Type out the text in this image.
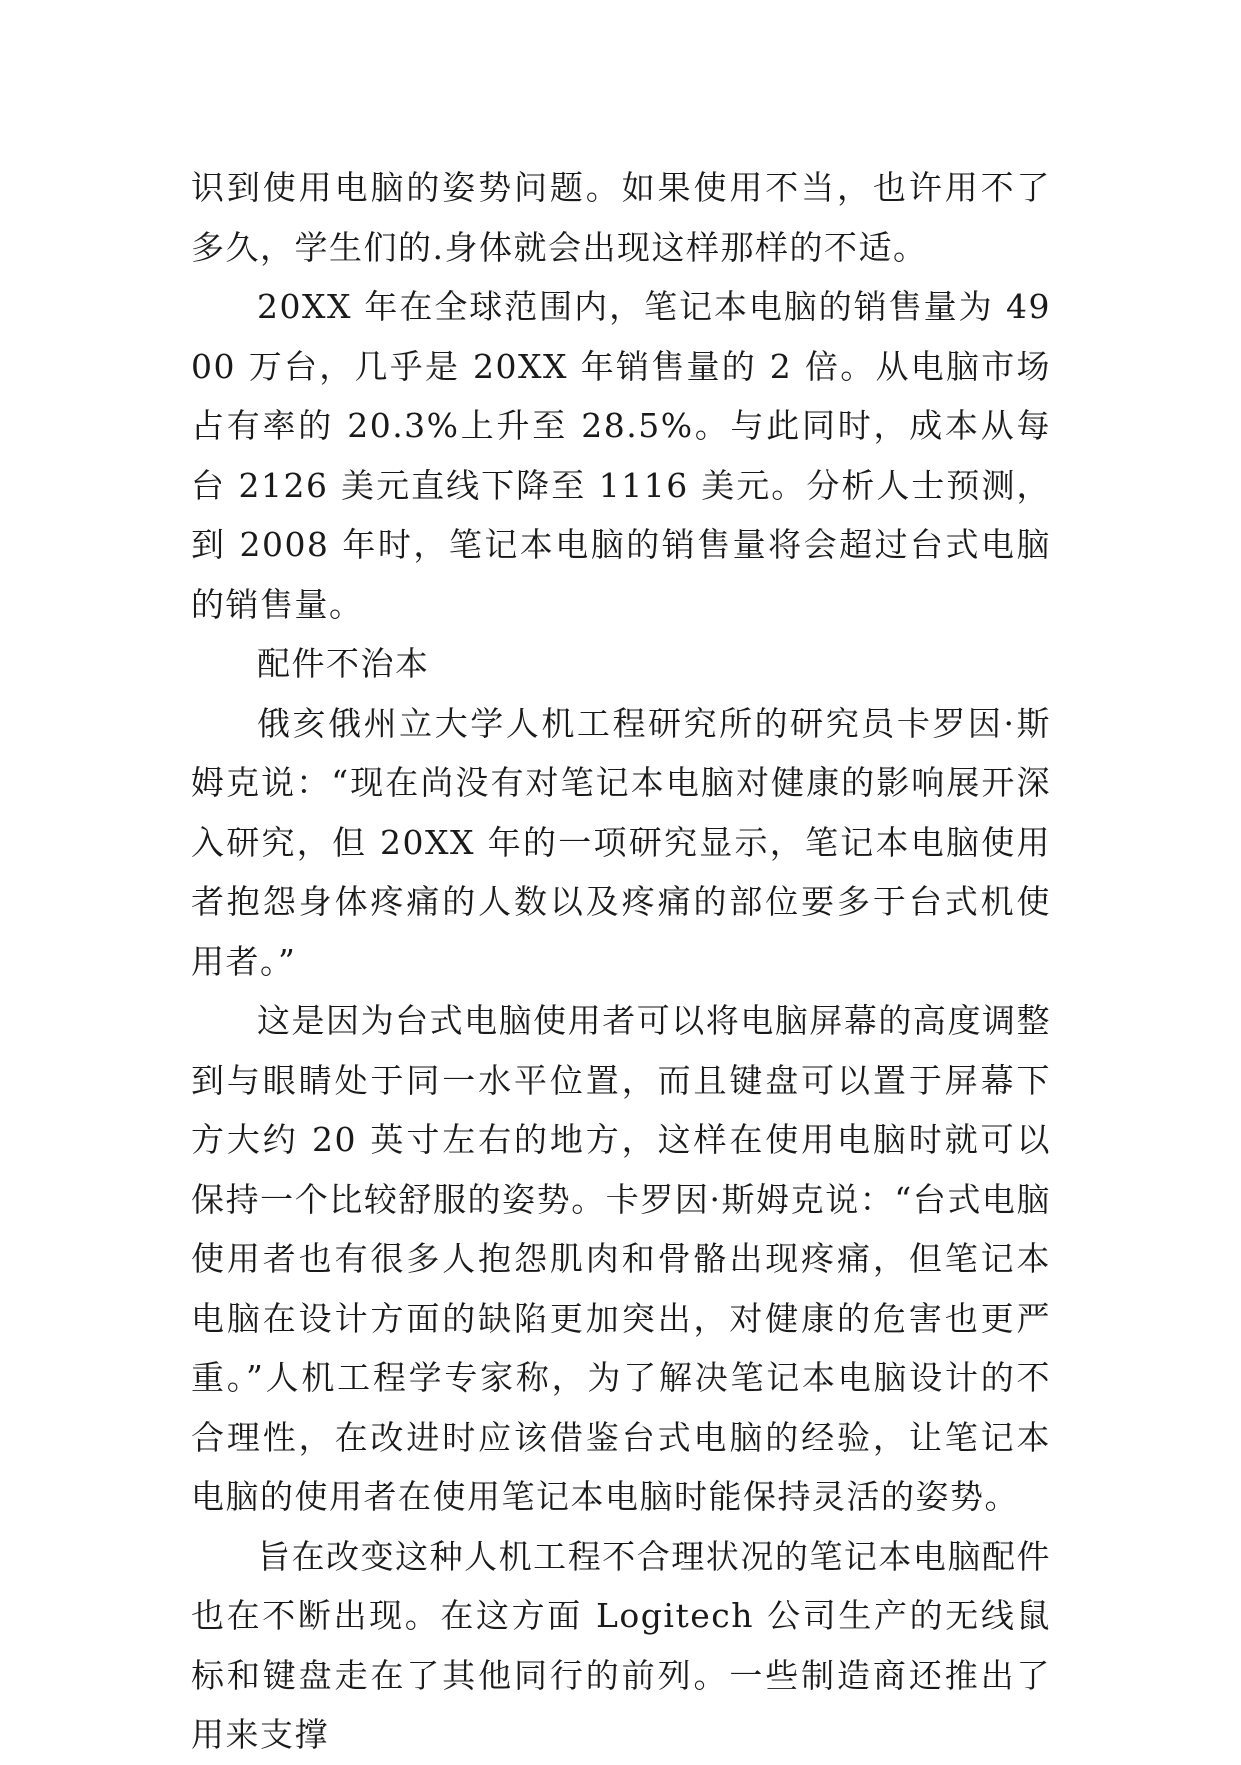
识到使用电脑的姿势问题。如果使用不当，也许用不了多久，学生们的.身体就会出现这样那样的不适。

20XX 年在全球范围内，笔记本电脑的销售量为 4900 万台，几乎是 20XX 年销售量的 2 倍。从电脑市场占有率的 20.3%上升至 28.5%。与此同时，成本从每台 2126 美元直线下降至 1116 美元。分析人士预测，到 2008 年时，笔记本电脑的销售量将会超过台式电脑的销售量。

配件不治本

俄亥俄州立大学人机工程研究所的研究员卡罗因·斯姆克说：“现在尚没有对笔记本电脑对健康的影响展开深入研究，但 20XX 年的一项研究显示，笔记本电脑使用者抱怨身体疼痛的人数以及疼痛的部位要多于台式机使用者。”

这是因为台式电脑使用者可以将电脑屏幕的高度调整到与眼睛处于同一水平位置，而且键盘可以置于屏幕下方大约 20 英寸左右的地方，这样在使用电脑时就可以保持一个比较舒服的姿势。卡罗因·斯姆克说：“台式电脑使用者也有很多人抱怨肌肉和骨骼出现疼痛，但笔记本电脑在设计方面的缺陷更加突出，对健康的危害也更严重。”人机工程学专家称，为了解决笔记本电脑设计的不合理性，在改进时应该借鉴台式电脑的经验，让笔记本电脑的使用者在使用笔记本电脑时能保持灵活的姿势。

旨在改变这种人机工程不合理状况的笔记本电脑配件也在不断出现。在这方面 Logitech 公司生产的无线鼠标和键盘走在了其他同行的前列。一些制造商还推出了用来支撑
